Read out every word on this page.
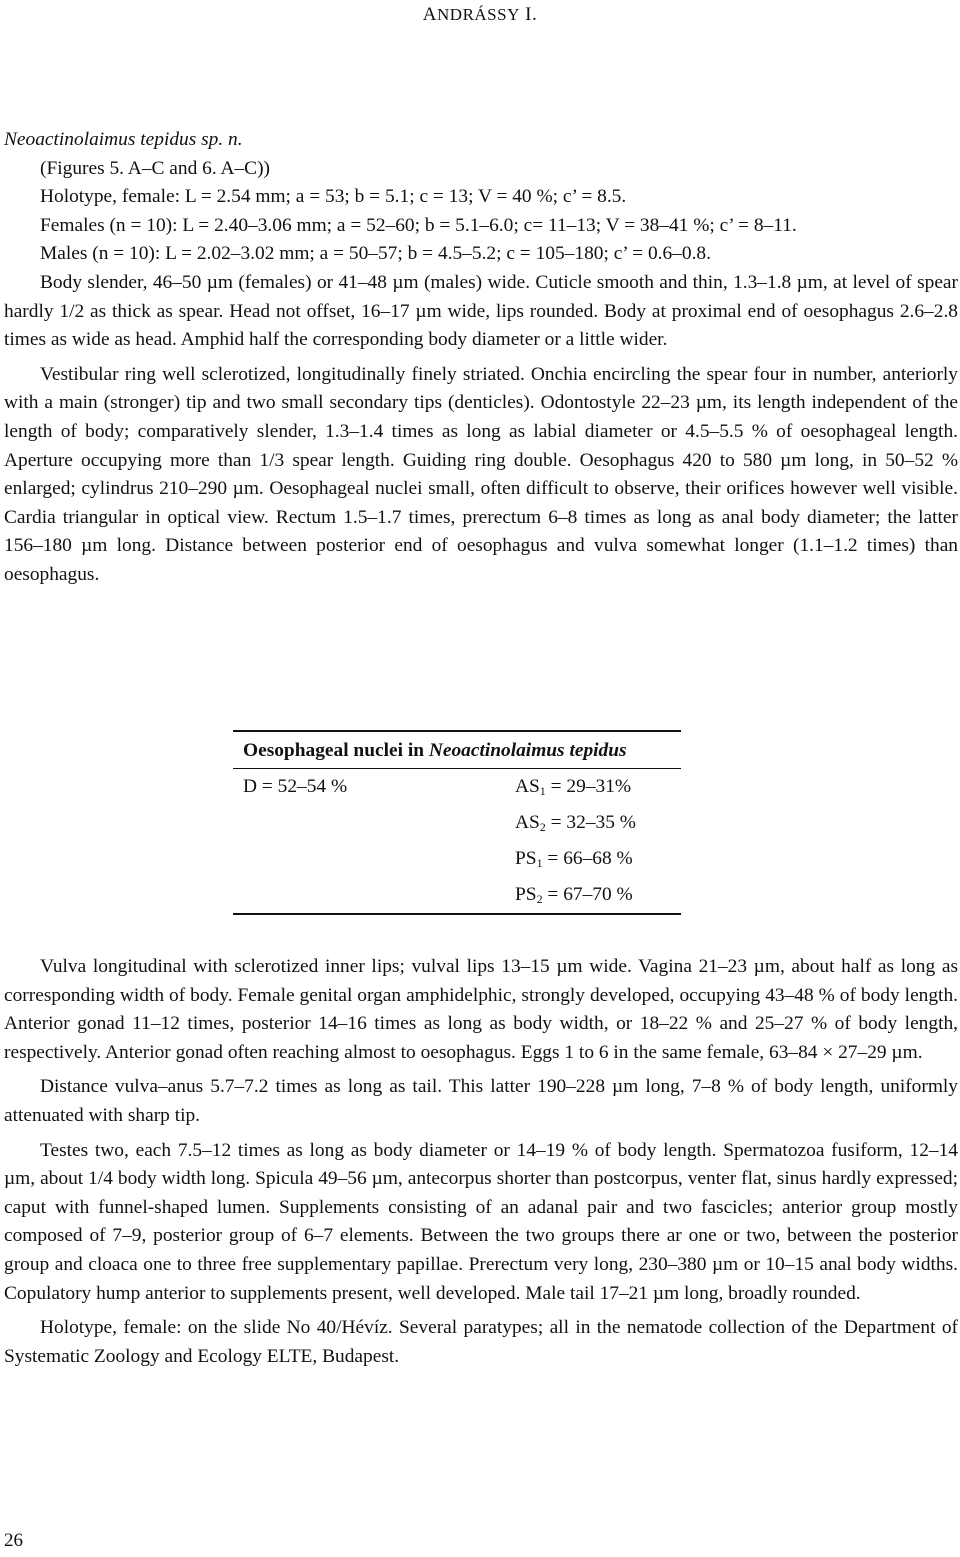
ANDRÁSSY I.
Neoactinolaimus tepidus sp. n.
(Figures 5. A–C and 6. A–C))
Holotype, female: L = 2.54 mm; a = 53; b = 5.1; c = 13; V = 40 %; c’ = 8.5.
Females (n = 10): L = 2.40–3.06 mm; a = 52–60; b = 5.1–6.0; c= 11–13; V = 38–41 %; c’ = 8–11.
Males (n = 10): L = 2.02–3.02 mm; a = 50–57; b = 4.5–5.2; c = 105–180; c’ = 0.6–0.8.

Body slender, 46–50 µm (females) or 41–48 µm (males) wide. Cuticle smooth and thin, 1.3–1.8 µm, at level of spear hardly 1/2 as thick as spear. Head not offset, 16–17 µm wide, lips rounded. Body at proximal end of oesophagus 2.6–2.8 times as wide as head. Amphid half the corresponding body diameter or a little wider.

Vestibular ring well sclerotized, longitudinally finely striated. Onchia encircling the spear four in number, anteriorly with a main (stronger) tip and two small secondary tips (denticles). Odontostyle 22–23 µm, its length independent of the length of body; comparatively slender, 1.3–1.4 times as long as labial diameter or 4.5–5.5 % of oesophageal length. Aperture occupying more than 1/3 spear length. Guiding ring double. Oesophagus 420 to 580 µm long, in 50–52 % enlarged; cylindrus 210–290 µm. Oesophageal nuclei small, often difficult to observe, their orifices however well visible. Cardia triangular in optical view. Rectum 1.5–1.7 times, prerectum 6–8 times as long as anal body diameter; the latter 156–180 µm long. Distance between posterior end of oesophagus and vulva somewhat longer (1.1–1.2 times) than oesophagus.

Oesophageal nuclei in Neoactinolaimus tepidus
D = 52–54 %	$AS_1 = 29-31\%$
$AS_2 = 32-35$ %
$PS_1 = 66-68$ %
$PS_2 = 67-70$ %

Vulva longitudinal with sclerotized inner lips; vulval lips 13–15 µm wide. Vagina 21–23 µm, about half as long as corresponding width of body. Female genital organ amphidelphic, strongly developed, occupying 43–48 % of body length. Anterior gonad 11–12 times, posterior 14–16 times as long as body width, or 18–22 % and 25–27 % of body length, respectively. Anterior gonad often reaching almost to oesophagus. Eggs 1 to 6 in the same female, 63–84 × 27–29 µm.

Distance vulva–anus 5.7–7.2 times as long as tail. This latter 190–228 µm long, 7–8 % of body length, uniformly attenuated with sharp tip.

Testes two, each 7.5–12 times as long as body diameter or 14–19 % of body length. Spermatozoa fusiform, 12–14 µm, about 1/4 body width long. Spicula 49–56 µm, antecorpus shorter than postcorpus, venter flat, sinus hardly expressed; caput with funnel-shaped lumen. Supplements consisting of an adanal pair and two fascicles; anterior group mostly composed of 7–9, posterior group of 6–7 elements. Between the two groups there ar one or two, between the posterior group and cloaca one to three free supplementary papillae. Prerectum very long, 230–380 µm or 10–15 anal body widths. Copulatory hump anterior to supplements present, well developed. Male tail 17–21 µm long, broadly rounded.

Holotype, female: on the slide No 40/Hévíz. Several paratypes; all in the nematode collection of the Department of Systematic Zoology and Ecology ELTE, Budapest.

26
